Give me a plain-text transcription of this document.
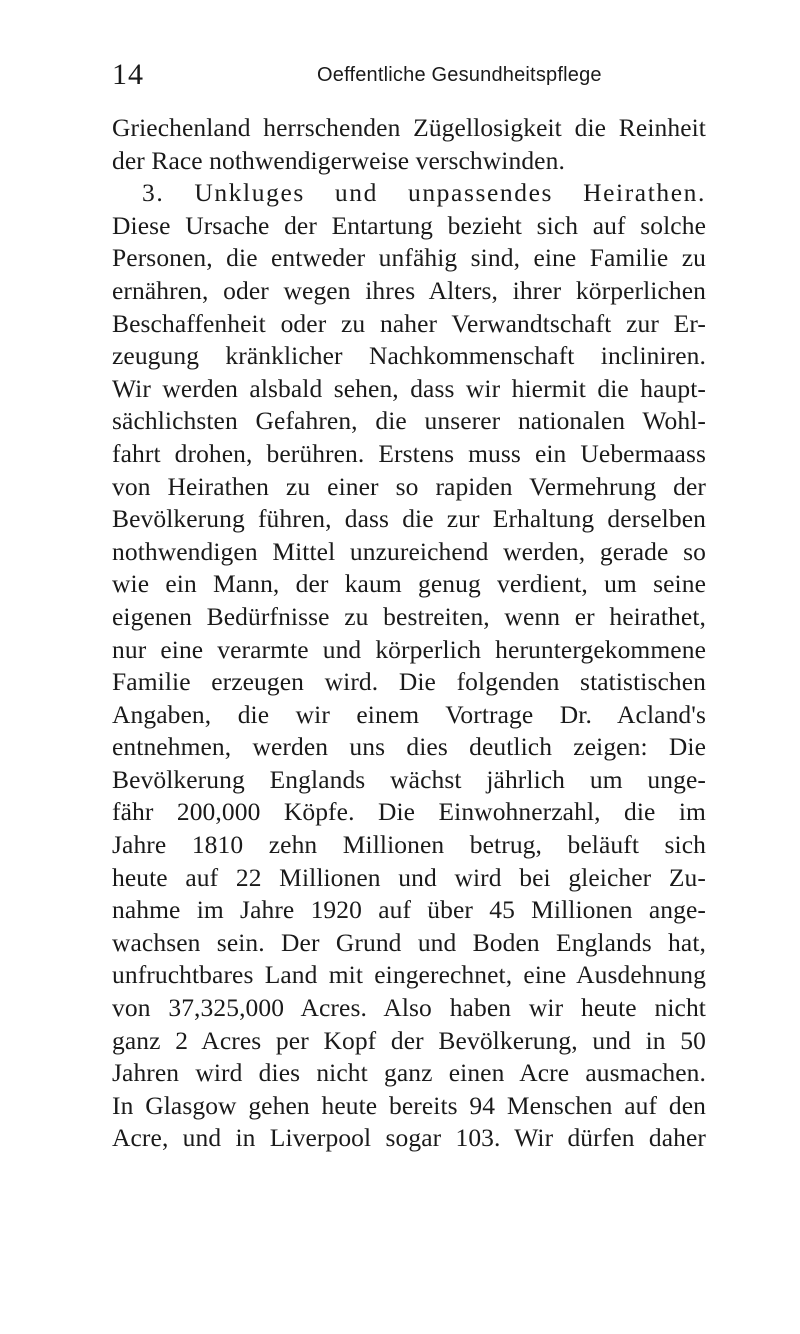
14	Oeffentliche Gesundheitspflege
Griechenland herrschenden Zügellosigkeit die Reinheit
der Race nothwendigerweise verschwinden.
3. Unkluges und unpassendes Heirathen.
Diese Ursache der Entartung bezieht sich auf solche
Personen, die entweder unfähig sind, eine Familie zu
ernähren, oder wegen ihres Alters, ihrer körperlichen
Beschaffenheit oder zu naher Verwandtschaft zur Er-
zeugung kränklicher Nachkommenschaft incliniren.
Wir werden alsbald sehen, dass wir hiermit die haupt-
sächlichsten Gefahren, die unserer nationalen Wohl-
fahrt drohen, berühren. Erstens muss ein Uebermaass
von Heirathen zu einer so rapiden Vermehrung der
Bevölkerung führen, dass die zur Erhaltung derselben
nothwendigen Mittel unzureichend werden, gerade so
wie ein Mann, der kaum genug verdient, um seine
eigenen Bedürfnisse zu bestreiten, wenn er heirathet,
nur eine verarmte und körperlich heruntergekommene
Familie erzeugen wird. Die folgenden statistischen
Angaben, die wir einem Vortrage Dr. Acland's
entnehmen, werden uns dies deutlich zeigen: Die
Bevölkerung Englands wächst jährlich um unge-
fähr 200,000 Köpfe. Die Einwohnerzahl, die im
Jahre 1810 zehn Millionen betrug, beläuft sich
heute auf 22 Millionen und wird bei gleicher Zu-
nahme im Jahre 1920 auf über 45 Millionen ange-
wachsen sein. Der Grund und Boden Englands hat,
unfruchtbares Land mit eingerechnet, eine Ausdehnung
von 37,325,000 Acres. Also haben wir heute nicht
ganz 2 Acres per Kopf der Bevölkerung, und in 50
Jahren wird dies nicht ganz einen Acre ausmachen.
In Glasgow gehen heute bereits 94 Menschen auf den
Acre, und in Liverpool sogar 103. Wir dürfen daher
